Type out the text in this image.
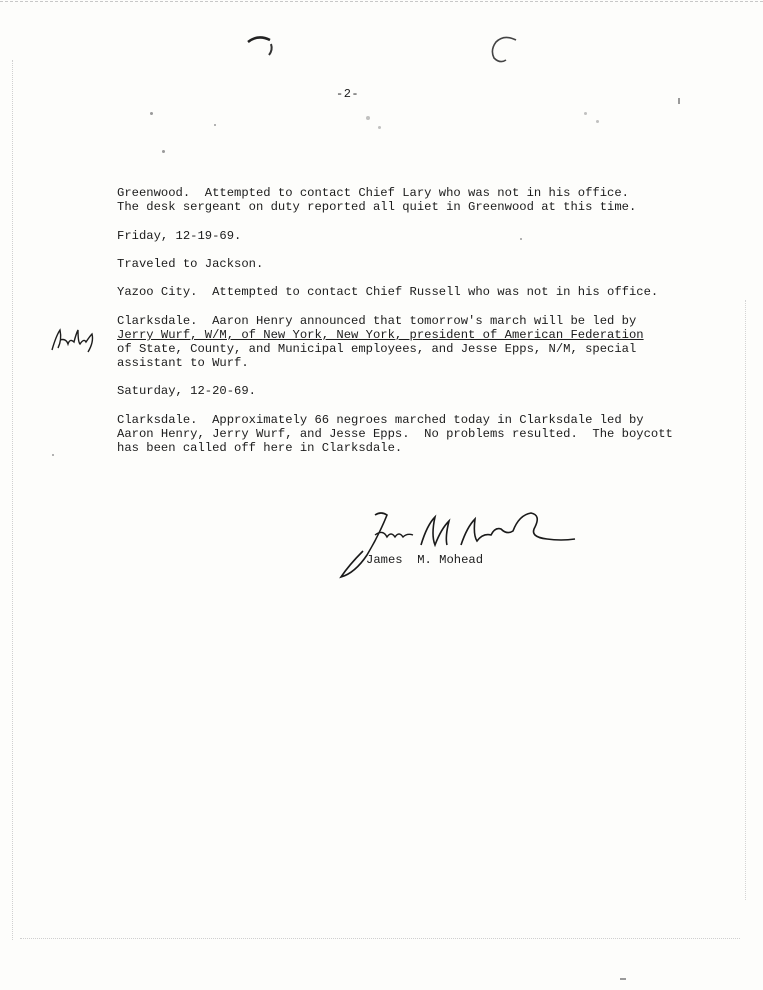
-2-
Greenwood.  Attempted to contact Chief Lary who was not in his office.
The desk sergeant on duty reported all quiet in Greenwood at this time.
Friday, 12-19-69.
Traveled to Jackson.
Yazoo City.  Attempted to contact Chief Russell who was not in his office.
Clarksdale.  Aaron Henry announced that tomorrow's march will be led by
Jerry Wurf, W/M, of New York, New York, president of American Federation
of State, County, and Municipal employees, and Jesse Epps, N/M, special
assistant to Wurf.
Saturday, 12-20-69.
Clarksdale.  Approximately 66 negroes marched today in Clarksdale led by
Aaron Henry, Jerry Wurf, and Jesse Epps.  No problems resulted.  The boycott
has been called off here in Clarksdale.
James  M. Mohead
